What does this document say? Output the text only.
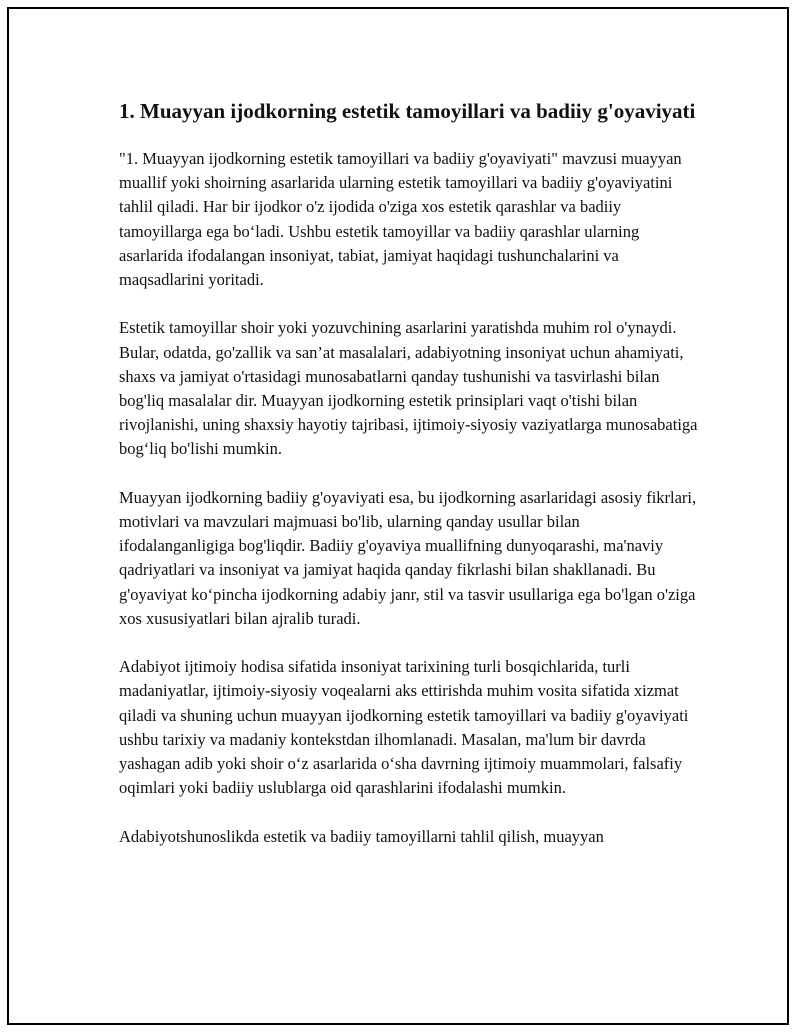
1. Muayyan ijodkorning estetik tamoyillari va badiiy g'oyaviyati

"1. Muayyan ijodkorning estetik tamoyillari va badiiy g'oyaviyati" mavzusi muayyan muallif yoki shoirning asarlarida ularning estetik tamoyillari va badiiy g'oyaviyatini tahlil qiladi. Har bir ijodkor o'z ijodida o'ziga xos estetik qarashlar va badiiy tamoyillarga ega bo‘ladi. Ushbu estetik tamoyillar va badiiy qarashlar ularning asarlarida ifodalangan insoniyat, tabiat, jamiyat haqidagi tushunchalarini va maqsadlarini yoritadi.

Estetik tamoyillar shoir yoki yozuvchining asarlarini yaratishda muhim rol o'ynaydi. Bular, odatda, go'zallik va san’at masalalari, adabiyotning insoniyat uchun ahamiyati, shaxs va jamiyat o'rtasidagi munosabatlarni qanday tushunishi va tasvirlashi bilan bog'liq masalalar dir. Muayyan ijodkorning estetik prinsiplari vaqt o'tishi bilan rivojlanishi, uning shaxsiy hayotiy tajribasi, ijtimoiy-siyosiy vaziyatlarga munosabatiga bog‘liq bo'lishi mumkin.

Muayyan ijodkorning badiiy g'oyaviyati esa, bu ijodkorning asarlaridagi asosiy fikrlari, motivlari va mavzulari majmuasi bo'lib, ularning qanday usullar bilan ifodalanganligiga bog'liqdir. Badiiy g'oyaviya muallifning dunyoqarashi, ma'naviy qadriyatlari va insoniyat va jamiyat haqida qanday fikrlashi bilan shakllanadi. Bu g'oyaviyat ko‘pincha ijodkorning adabiy janr, stil va tasvir usullariga ega bo'lgan o'ziga xos xususiyatlari bilan ajralib turadi.

Adabiyot ijtimoiy hodisa sifatida insoniyat tarixining turli bosqichlarida, turli madaniyatlar, ijtimoiy-siyosiy voqealarni aks ettirishda muhim vosita sifatida xizmat qiladi va shuning uchun muayyan ijodkorning estetik tamoyillari va badiiy g'oyaviyati ushbu tarixiy va madaniy kontekstdan ilhomlanadi. Masalan, ma'lum bir davrda yashagan adib yoki shoir o‘z asarlarida o‘sha davrning ijtimoiy muammolari, falsafiy oqimlari yoki badiiy uslublarga oid qarashlarini ifodalashi mumkin.

Adabiyotshunoslikda estetik va badiiy tamoyillarni tahlil qilish, muayyan
